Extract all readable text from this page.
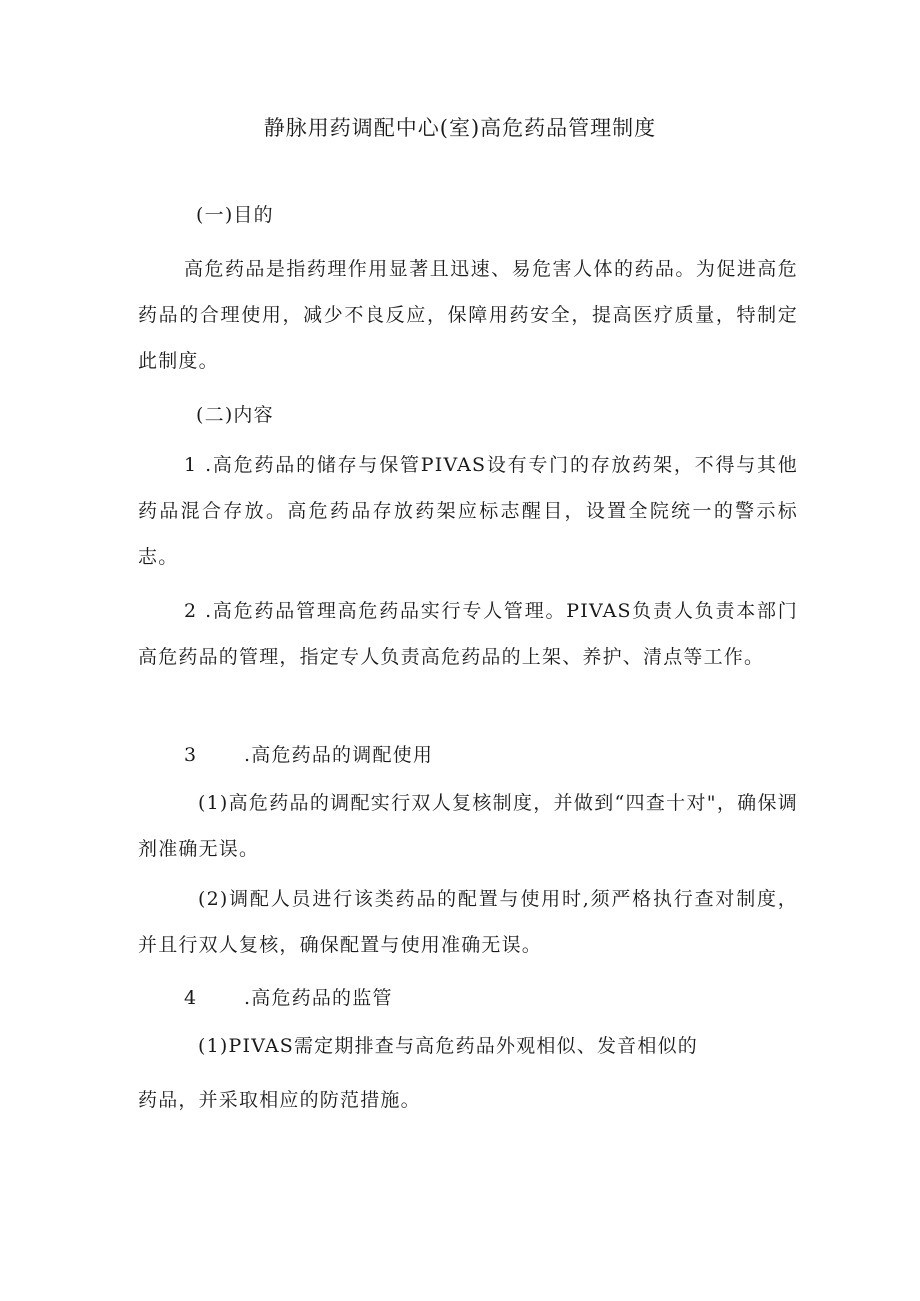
静脉用药调配中心(室)高危药品管理制度
(一)目的
高危药品是指药理作用显著且迅速、易危害人体的药品。为促进高危药品的合理使用，减少不良反应，保障用药安全，提高医疗质量，特制定此制度。
(二)内容
1 .高危药品的储存与保管PIVAS设有专门的存放药架，不得与其他药品混合存放。高危药品存放药架应标志醒目，设置全院统一的警示标志。
2 .高危药品管理高危药品实行专人管理。PIVAS负责人负责本部门高危药品的管理，指定专人负责高危药品的上架、养护、清点等工作。
3 .高危药品的调配使用
(1)高危药品的调配实行双人复核制度，并做到“四查十对"，确保调剂准确无误。
(2)调配人员进行该类药品的配置与使用时,须严格执行查对制度，并且行双人复核，确保配置与使用准确无误。
4 .高危药品的监管
(1)PIVAS需定期排查与高危药品外观相似、发音相似的
药品，并采取相应的防范措施。
